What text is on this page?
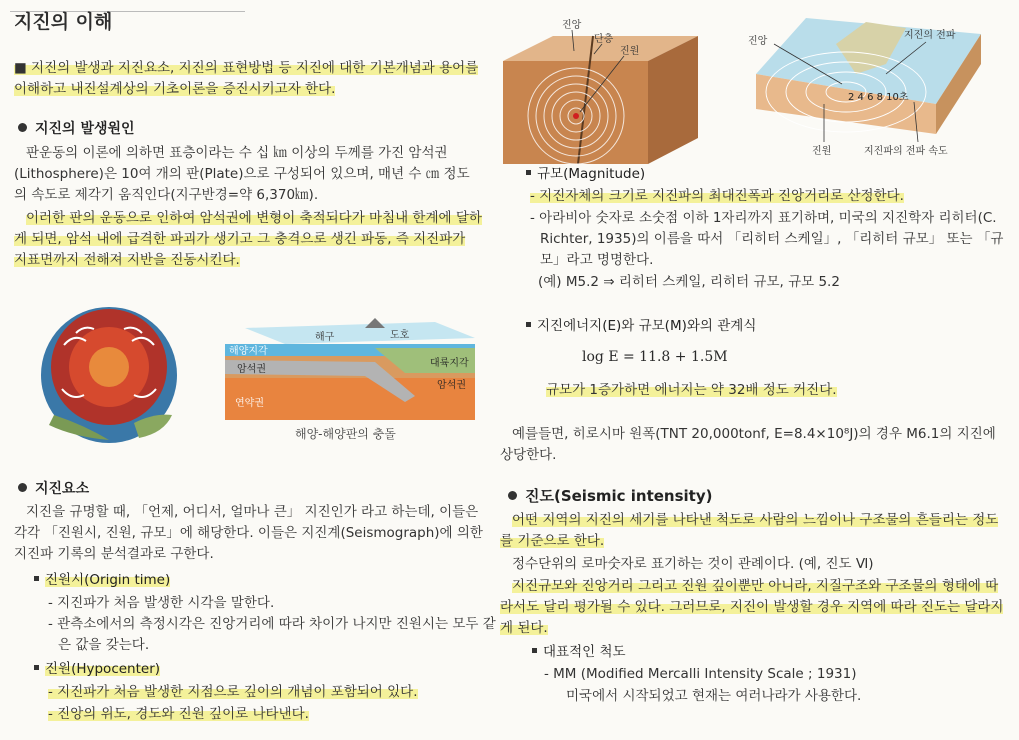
지진의 이해
■ 지진의 발생과 지진요소, 지진의 표현방법 등 지진에 대한 기본개념과 용어를 이해하고 내진설계상의 기초이론을 증진시키고자 한다.
지진의 발생원인
판운동의 이론에 의하면 표층이라는 수 십 ㎞ 이상의 두께를 가진 암석권(Lithosphere)은 10여 개의 판(Plate)으로 구성되어 있으며, 매년 수 ㎝ 정도의 속도로 제각기 움직인다(지구반경=약 6,370㎞).
이러한 판의 운동으로 인하여 암석권에 변형이 축적되다가 마침내 한계에 달하게 되면, 암석 내에 급격한 파괴가 생기고 그 충격으로 생긴 파동, 즉 지진파가 지표면까지 전해져 지반을 진동시킨다.
해구	도호
해양지각
대륙지각
암석권
암석권
연약권
해양-해양판의 충돌
지진요소
지진을 규명할 때, 「언제, 어디서, 얼마나 큰」 지진인가 라고 하는데, 이들은 각각 「진원시, 진원, 규모」에 해당한다. 이들은 지진계(Seismograph)에 의한 지진파 기록의 분석결과로 구한다.
진원시(Origin time)
- 지진파가 처음 발생한 시각을 말한다.
- 관측소에서의 측정시각은 진앙거리에 따라 차이가 나지만 진원시는 모두 같은 값을 갖는다.
진원(Hypocenter)
- 지진파가 처음 발생한 지점으로 깊이의 개념이 포함되어 있다.
- 진앙의 위도, 경도와 진원 깊이로 나타낸다.
진앙
단층
진원
진앙
지진의 전파
2 4 6 8 10초
진원	지진파의 전파 속도
규모(Magnitude)
- 지진자체의 크기로 지진파의 최대진폭과 진앙거리로 산정한다.
- 아라비아 숫자로 소숫점 이하 1자리까지 표기하며, 미국의 지진학자 리히터(C. Richter, 1935)의 이름을 따서 「리히터 스케일」, 「리히터 규모」 또는 「규모」라고 명명한다.
(예) M5.2 ⇒ 리히터 스케일, 리히터 규모, 규모 5.2
지진에너지(E)와 규모(M)와의 관계식
log E = 11.8 + 1.5M
규모가 1증가하면 에너지는 약 32배 정도 커진다.
예를들면, 히로시마 원폭(TNT 20,000tonf, E=8.4×10⁸J)의 경우 M6.1의 지진에 상당한다.
진도(Seismic intensity)
어떤 지역의 지진의 세기를 나타낸 척도로 사람의 느낌이나 구조물의 흔들리는 정도를 기준으로 한다.
정수단위의 로마숫자로 표기하는 것이 관례이다. (예, 진도 Ⅵ)
지진규모와 진앙거리 그리고 진원 깊이뿐만 아니라, 지질구조와 구조물의 형태에 따라서도 달리 평가될 수 있다. 그러므로, 지진이 발생할 경우 지역에 따라 진도는 달라지게 된다.
대표적인 척도
- MM (Modified Mercalli Intensity Scale ; 1931)
미국에서 시작되었고 현재는 여러나라가 사용한다.
